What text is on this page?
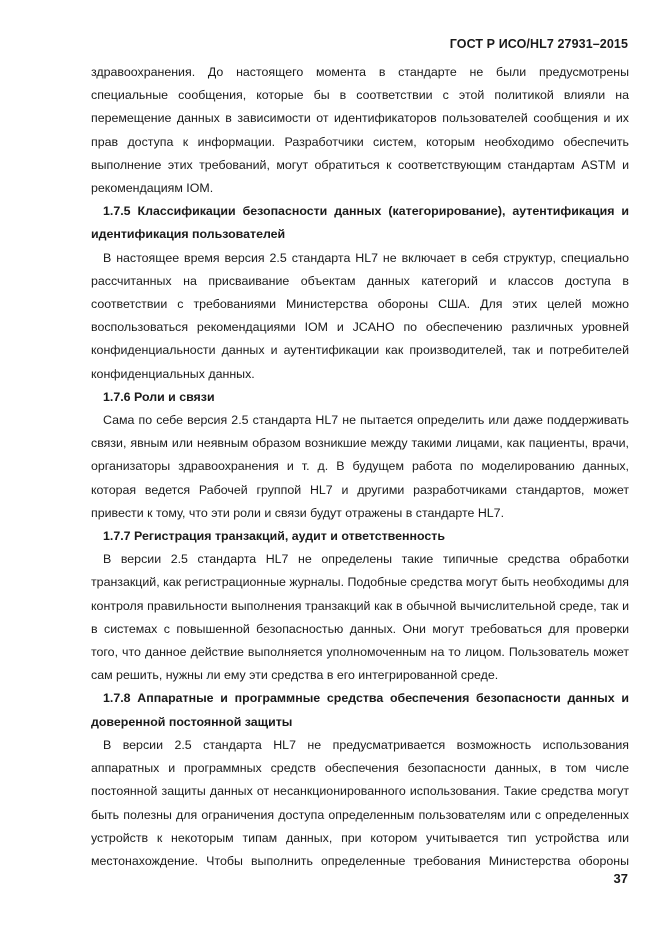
ГОСТ Р ИСО/HL7 27931–2015

здравоохранения. До настоящего момента в стандарте не были предусмотрены специальные сообщения, которые бы в соответствии с этой политикой влияли на перемещение данных в зависимости от идентификаторов пользователей сообщения и их прав доступа к информации. Разработчики систем, которым необходимо обеспечить выполнение этих требований, могут обратиться к соответствующим стандартам ASTM и рекомендациям IOM.

1.7.5 Классификации безопасности данных (категорирование), аутентификация и идентификация пользователей

В настоящее время версия 2.5 стандарта HL7 не включает в себя структур, специально рассчитанных на присваивание объектам данных категорий и классов доступа в соответствии с требованиями Министерства обороны США. Для этих целей можно воспользоваться рекомендациями IOM и JCAHO по обеспечению различных уровней конфиденциальности данных и аутентификации как производителей, так и потребителей конфиденциальных данных.

1.7.6 Роли и связи

Сама по себе версия 2.5 стандарта HL7 не пытается определить или даже поддерживать связи, явным или неявным образом возникшие между такими лицами, как пациенты, врачи, организаторы здравоохранения и т. д. В будущем работа по моделированию данных, которая ведется Рабочей группой HL7 и другими разработчиками стандартов, может привести к тому, что эти роли и связи будут отражены в стандарте HL7.

1.7.7 Регистрация транзакций, аудит и ответственность

В версии 2.5 стандарта HL7 не определены такие типичные средства обработки транзакций, как регистрационные журналы. Подобные средства могут быть необходимы для контроля правильности выполнения транзакций как в обычной вычислительной среде, так и в системах с повышенной безопасностью данных. Они могут требоваться для проверки того, что данное действие выполняется уполномоченным на то лицом. Пользователь может сам решить, нужны ли ему эти средства в его интегрированной среде.

1.7.8 Аппаратные и программные средства обеспечения безопасности данных и доверенной постоянной защиты

В версии 2.5 стандарта HL7 не предусматривается возможность использования аппаратных и программных средств обеспечения безопасности данных, в том числе постоянной защиты данных от несанкционированного использования. Такие средства могут быть полезны для ограничения доступа определенным пользователям или с определенных устройств к некоторым типам данных, при котором учитывается тип устройства или местонахождение. Чтобы выполнить определенные требования Министерства обороны

37
